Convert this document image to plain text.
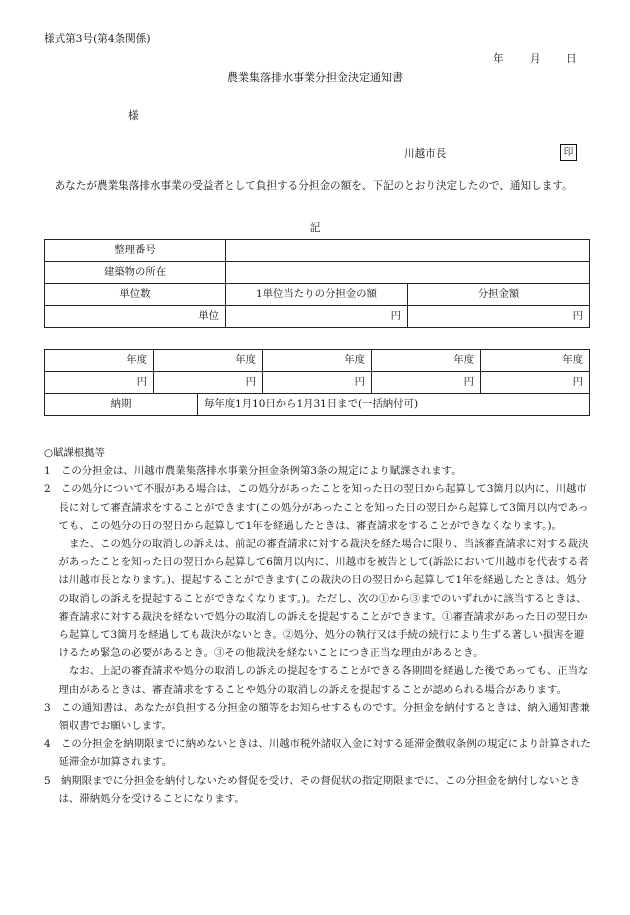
様式第3号(第4条関係)
年 月 日
農業集落排水事業分担金決定通知書
様
川越市長	印
あなたが農業集落排水事業の受益者として負担する分担金の額を、下記のとおり決定したので、通知します。
記
整理番号		
建築物の所在		
単位数	1単位当たりの分担金の額	分担金額
単位	円	円
年度	年度		年度	年度	年度
円	円		円	円	円
納期		毎年度1月10日から1月31日まで(一括納付可)			

○賦課根拠等

1　この分担金は、川越市農業集落排水事業分担金条例第3条の規定により賦課されます。

2　この処分について不服がある場合は、この処分があったことを知った日の翌日から起算して3箇月以内に、川越市長に対して審査請求をすることができます(この処分があったことを知った日の翌日から起算して3箇月以内であっても、この処分の日の翌日から起算して1年を経過したときは、審査請求をすることができなくなります。)。

また、この処分の取消しの訴えは、前記の審査請求に対する裁決を経た場合に限り、当該審査請求に対する裁決があったことを知った日の翌日から起算して6箇月以内に、川越市を被告として(訴訟において川越市を代表する者は川越市長となります。)、提起することができます(この裁決の日の翌日から起算して1年を経過したときは、処分の取消しの訴えを提起することができなくなります。)。ただし、次の①から③までのいずれかに該当するときは、審査請求に対する裁決を経ないで処分の取消しの訴えを提起することができます。①審査請求があった日の翌日から起算して3箇月を経過しても裁決がないとき。②処分、処分の執行又は手続の続行により生ずる著しい損害を避けるため緊急の必要があるとき。③その他裁決を経ないことにつき正当な理由があるとき。

なお、上記の審査請求や処分の取消しの訴えの提起をすることができる各期間を経過した後であっても、正当な理由があるときは、審査請求をすることや処分の取消しの訴えを提起することが認められる場合があります。

3　この通知書は、あなたが負担する分担金の額等をお知らせするものです。分担金を納付するときは、納入通知書兼領収書でお願いします。

4　この分担金を納期限までに納めないときは、川越市税外諸収入金に対する延滞金徴収条例の規定により計算された延滞金が加算されます。

5　納期限までに分担金を納付しないため督促を受け、その督促状の指定期限までに、この分担金を納付しないときは、滞納処分を受けることになります。
